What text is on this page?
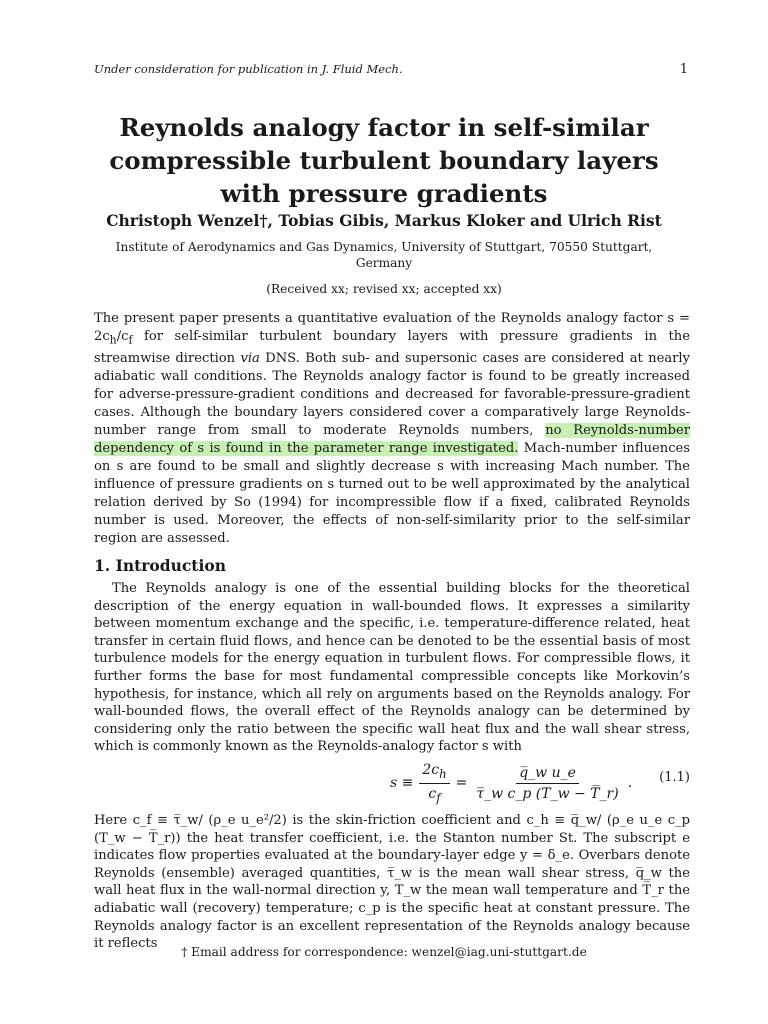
Under consideration for publication in J. Fluid Mech.	1
Reynolds analogy factor in self-similar compressible turbulent boundary layers with pressure gradients
Christoph Wenzel†, Tobias Gibis, Markus Kloker and Ulrich Rist
Institute of Aerodynamics and Gas Dynamics, University of Stuttgart, 70550 Stuttgart, Germany
(Received xx; revised xx; accepted xx)
The present paper presents a quantitative evaluation of the Reynolds analogy factor $s = 2c_h/c_f$ for self-similar turbulent boundary layers with pressure gradients in the streamwise direction via DNS. Both sub- and supersonic cases are considered at nearly adiabatic wall conditions. The Reynolds analogy factor is found to be greatly increased for adverse-pressure-gradient conditions and decreased for favorable-pressure-gradient cases. Although the boundary layers considered cover a comparatively large Reynolds-number range from small to moderate Reynolds numbers, no Reynolds-number dependency of s is found in the parameter range investigated. Mach-number influences on s are found to be small and slightly decrease s with increasing Mach number. The influence of pressure gradients on s turned out to be well approximated by the analytical relation derived by So (1994) for incompressible flow if a fixed, calibrated Reynolds number is used. Moreover, the effects of non-self-similarity prior to the self-similar region are assessed.
1. Introduction
The Reynolds analogy is one of the essential building blocks for the theoretical description of the energy equation in wall-bounded flows. It expresses a similarity between momentum exchange and the specific, i.e. temperature-difference related, heat transfer in certain fluid flows, and hence can be denoted to be the essential basis of most turbulence models for the energy equation in turbulent flows. For compressible flows, it further forms the base for most fundamental compressible concepts like Morkovin’s hypothesis, for instance, which all rely on arguments based on the Reynolds analogy. For wall-bounded flows, the overall effect of the Reynolds analogy can be determined by considering only the ratio between the specific wall heat flux and the wall shear stress, which is commonly known as the Reynolds-analogy factor s with
$s \equiv \frac{2c_h}{c_f} = \frac{\text{q̅\_w u\_e}}{\text{τ̅\_w c\_p (T\_w − T̅\_r)}}$ . (1.1)
Here c_f ≡ τ̅_w/ (ρ_e u_e²/2) is the skin-friction coefficient and c_h ≡ q̅_w/ (ρ_e u_e c_p (T_w − T̅_r)) the heat transfer coefficient, i.e. the Stanton number St. The subscript e indicates flow properties evaluated at the boundary-layer edge y = δ_e. Overbars denote Reynolds (ensemble) averaged quantities, τ̅_w is the mean wall shear stress, q̅_w the wall heat flux in the wall-normal direction y, T_w the mean wall temperature and T̅_r the adiabatic wall (recovery) temperature; c_p is the specific heat at constant pressure. The Reynolds analogy factor is an excellent representation of the Reynolds analogy because it reflects
† Email address for correspondence: wenzel@iag.uni-stuttgart.de
